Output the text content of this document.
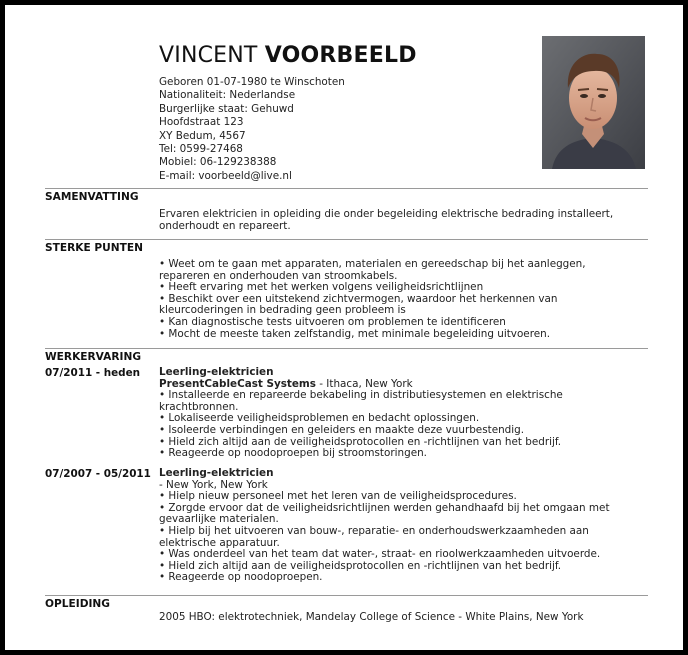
VINCENT VOORBEELD
Geboren 01-07-1980 te Winschoten
Nationaliteit: Nederlandse
Burgerlijke staat: Gehuwd
Hoofdstraat 123
XY Bedum, 4567
Tel: 0599-27468
Mobiel: 06-129238388
E-mail: voorbeeld@live.nl
SAMENVATTING
Ervaren elektricien in opleiding die onder begeleiding elektrische bedrading installeert, onderhoudt en repareert.
STERKE PUNTEN
• Weet om te gaan met apparaten, materialen en gereedschap bij het aanleggen, repareren en onderhouden van stroomkabels.
• Heeft ervaring met het werken volgens veiligheidsrichtlijnen
• Beschikt over een uitstekend zichtvermogen, waardoor het herkennen van kleurcoderingen in bedrading geen probleem is
• Kan diagnostische tests uitvoeren om problemen te identificeren
• Mocht de meeste taken zelfstandig, met minimale begeleiding uitvoeren.
WERKERVARING
07/2011 - heden Leerling-elektricien
PresentCableCast Systems - Ithaca, New York
• Installeerde en repareerde bekabeling in distributiesystemen en elektrische krachtbronnen.
• Lokaliseerde veiligheidsproblemen en bedacht oplossingen.
• Isoleerde verbindingen en geleiders en maakte deze vuurbestendig.
• Hield zich altijd aan de veiligheidsprotocollen en -richtlijnen van het bedrijf.
• Reageerde op noodoproepen bij stroomstoringen.
07/2007 - 05/2011 Leerling-elektricien
- New York, New York
• Hielp nieuw personeel met het leren van de veiligheidsprocedures.
• Zorgde ervoor dat de veiligheidsrichtlijnen werden gehandhaafd bij het omgaan met gevaarlijke materialen.
• Hielp bij het uitvoeren van bouw-, reparatie- en onderhoudswerkzaamheden aan elektrische apparatuur.
• Was onderdeel van het team dat water-, straat- en rioolwerkzaamheden uitvoerde.
• Hield zich altijd aan de veiligheidsprotocollen en -richtlijnen van het bedrijf.
• Reageerde op noodoproepen.
OPLEIDING
2005 HBO: elektrotechniek, Mandelay College of Science - White Plains, New York
